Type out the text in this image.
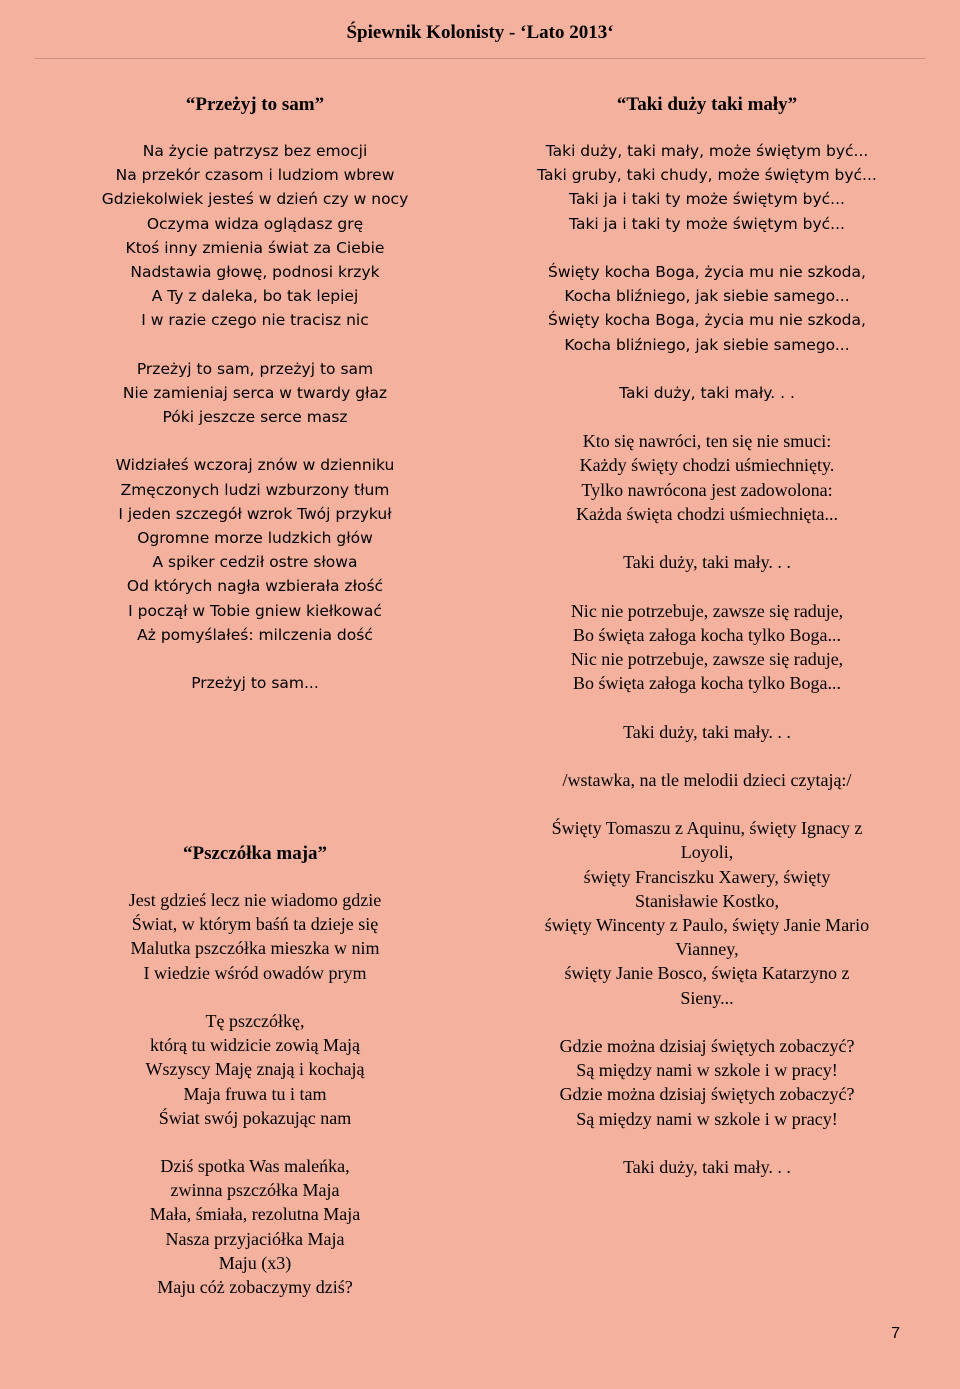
Śpiewnik Kolonisty - ‘Lato 2013‘
“Przeżyj to sam”
Na życie patrzysz bez emocji
Na przekór czasom i ludziom wbrew
Gdziekolwiek jesteś w dzień czy w nocy
Oczyma widza oglądasz grę
Ktoś inny zmienia świat za Ciebie
Nadstawia głowę, podnosi krzyk
A Ty z daleka, bo tak lepiej
I w razie czego nie tracisz nic
Przeżyj to sam, przeżyj to sam
Nie zamieniaj serca w twardy głaz
Póki jeszcze serce masz
Widziałeś wczoraj znów w dzienniku
Zmęczonych ludzi wzburzony tłum
I jeden szczegół wzrok Twój przykuł
Ogromne morze ludzkich głów
A spiker cedził ostre słowa
Od których nagła wzbierała złość
I począł w Tobie gniew kiełkować
Aż pomyślałeś: milczenia dość
Przeżyj to sam...
“Pszczółka maja”
Jest gdzieś lecz nie wiadomo gdzie
Świat, w którym baśń ta dzieje się
Malutka pszczółka mieszka w nim
I wiedzie wśród owadów prym
Tę pszczółkę,
którą tu widzicie zowią Mają
Wszyscy Maję znają i kochają
Maja fruwa tu i tam
Świat swój pokazując nam
Dziś spotka Was maleńka,
zwinna pszczółka Maja
Mała, śmiała, rezolutna Maja
Nasza przyjaciółka Maja
Maju (x3)
Maju cóż zobaczymy dziś?
“Taki duży taki mały”
Taki duży, taki mały, może świętym być...
Taki gruby, taki chudy, może świętym być...
Taki ja i taki ty może świętym być...
Taki ja i taki ty może świętym być...
Święty kocha Boga, życia mu nie szkoda,
Kocha bliźniego, jak siebie samego...
Święty kocha Boga, życia mu nie szkoda,
Kocha bliźniego, jak siebie samego...
Taki duży, taki mały. . .
Kto się nawróci, ten się nie smuci:
Każdy święty chodzi uśmiechnięty.
Tylko nawrócona jest zadowolona:
Każda święta chodzi uśmiechnięta...
Taki duży, taki mały. . .
Nic nie potrzebuje, zawsze się raduje,
Bo święta załoga kocha tylko Boga...
Nic nie potrzebuje, zawsze się raduje,
Bo święta załoga kocha tylko Boga...
Taki duży, taki mały. . .
/wstawka, na tle melodii dzieci czytają:/
Święty Tomaszu z Aquinu, święty Ignacy z
Loyoli,
święty Franciszku Xawery, święty
Stanisławie Kostko,
święty Wincenty z Paulo, święty Janie Mario
Vianney,
święty Janie Bosco, święta Katarzyno z
Sieny...
Gdzie można dzisiaj świętych zobaczyć?
Są między nami w szkole i w pracy!
Gdzie można dzisiaj świętych zobaczyć?
Są między nami w szkole i w pracy!
Taki duży, taki mały. . .
7
